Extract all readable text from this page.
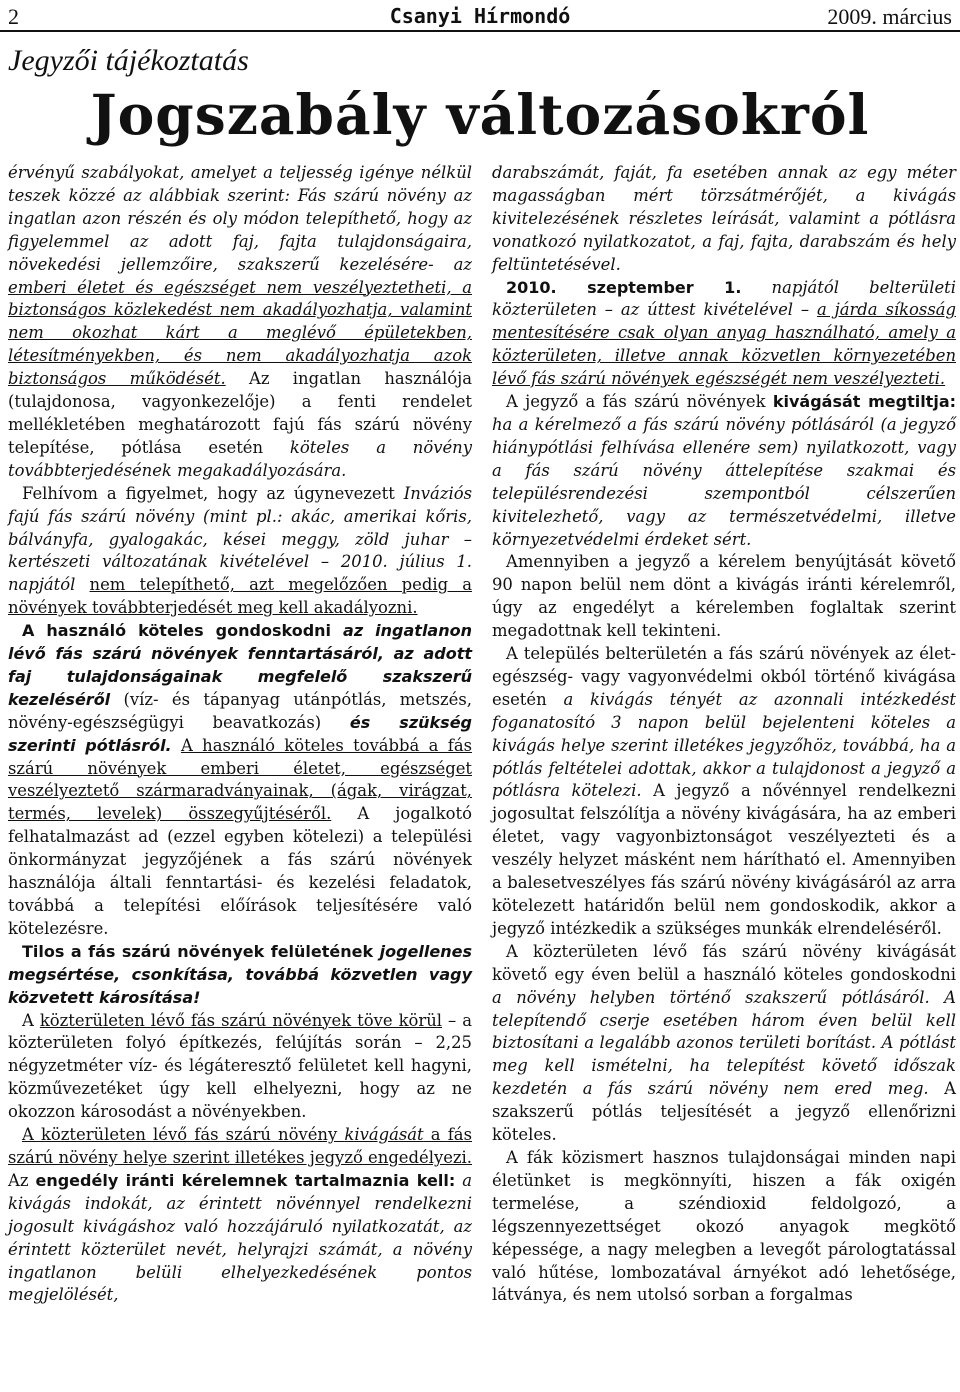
2	Csanyi Hírmondó	2009. március
Jegyzői tájékoztatás
Jogszabály változásokról

érvényű szabályokat, amelyet a teljesség igénye nélkül teszek közzé az alábbiak szerint: Fás szárú növény az ingatlan azon részén és oly módon telepíthető, hogy az figyelemmel az adott faj, fajta tulajdonságaira, növekedési jellemzőire, szakszerű kezelésére- az emberi életet és egészséget nem veszélyeztetheti, a biztonságos közlekedést nem akadályozhatja, valamint nem okozhat kárt a meglévő épületekben, létesítményekben, és nem akadályozhatja azok biztonságos működését. Az ingatlan használója (tulajdonosa, vagyonkezelője) a fenti rendelet mellékletében meghatározott fajú fás szárú növény telepítése, pótlása esetén köteles a növény továbbterjedésének megakadályozására.

Felhívom a figyelmet, hogy az úgynevezett Inváziós fajú fás szárú növény (mint pl.: akác, amerikai kőris, bálványfa, gyalogakác, kései meggy, zöld juhar – kertészeti változatának kivételével – 2010. július 1. napjától nem telepíthető, azt megelőzően pedig a növények továbbterjedését meg kell akadályozni.

A használó köteles gondoskodni az ingatlanon lévő fás szárú növények fenntartásáról, az adott faj tulajdonságainak megfelelő szakszerű kezeléséről (víz- és tápanyag utánpótlás, metszés, növény-egészségügyi beavatkozás) és szükség szerinti pótlásról. A használó köteles továbbá a fás szárú növények emberi életet, egészséget veszélyeztető szármaradványainak, (ágak, virágzat, termés, levelek) összegyűjtéséről. A jogalkotó felhatalmazást ad (ezzel egyben kötelezi) a települési önkormányzat jegyzőjének a fás szárú növények használója általi fenntartási- és kezelési feladatok, továbbá a telepítési előírások teljesítésére való kötelezésre.

Tilos a fás szárú növények felületének jogellenes megsértése, csonkítása, továbbá közvetlen vagy közvetett károsítása!

A közterületen lévő fás szárú növények töve körül – a közterületen folyó építkezés, felújítás során – 2,25 négyzetméter víz- és légáteresztő felületet kell hagyni, közművezetéket úgy kell elhelyezni, hogy az ne okozzon károsodást a növényekben.

A közterületen lévő fás szárú növény kivágását a fás szárú növény helye szerint illetékes jegyző engedélyezi. Az engedély iránti kérelemnek tartalmaznia kell: a kivágás indokát, az érintett növénnyel rendelkezni jogosult kivágáshoz való hozzájáruló nyilatkozatát, az érintett közterület nevét, helyrajzi számát, a növény ingatlanon belüli elhelyezkedésének pontos megjelölését,

darabszámát, faját, fa esetében annak az egy méter magasságban mért törzsátmérőjét, a kivágás kivitelezésének részletes leírását, valamint a pótlásra vonatkozó nyilatkozatot, a faj, fajta, darabszám és hely feltüntetésével.

2010. szeptember 1. napjától belterületi közterületen – az úttest kivételével – a járda síkosság mentesítésére csak olyan anyag használható, amely a közterületen, illetve annak közvetlen környezetében lévő fás szárú növények egészségét nem veszélyezteti.

A jegyző a fás szárú növények kivágását megtiltja: ha a kérelmező a fás szárú növény pótlásáról (a jegyző hiánypótlási felhívása ellenére sem) nyilatkozott, vagy a fás szárú növény áttelepítése szakmai és településrendezési szempontból célszerűen kivitelezhető, vagy az természetvédelmi, illetve környezetvédelmi érdeket sért.

Amennyiben a jegyző a kérelem benyújtását követő 90 napon belül nem dönt a kivágás iránti kérelemről, úgy az engedélyt a kérelemben foglaltak szerint megadottnak kell tekinteni.

A település belterületén a fás szárú növények az élet- egészség- vagy vagyonvédelmi okból történő kivágása esetén a kivágás tényét az azonnali intézkedést foganatosító 3 napon belül bejelenteni köteles a kivágás helye szerint illetékes jegyzőhöz, továbbá, ha a pótlás feltételei adottak, akkor a tulajdonost a jegyző a pótlásra kötelezi. A jegyző a nővénnyel rendelkezni jogosultat felszólítja a növény kivágására, ha az emberi életet, vagy vagyonbiztonságot veszélyezteti és a veszély helyzet másként nem hárítható el. Amennyiben a balesetveszélyes fás szárú növény kivágásáról az arra kötelezett határidőn belül nem gondoskodik, akkor a jegyző intézkedik a szükséges munkák elrendeléséről.

A közterületen lévő fás szárú növény kivágását követő egy éven belül a használó köteles gondoskodni a növény helyben történő szakszerű pótlásáról. A telepítendő cserje esetében három éven belül kell biztosítani a legalább azonos területi borítást. A pótlást meg kell ismételni, ha telepítést követő időszak kezdetén a fás szárú növény nem ered meg. A szakszerű pótlás teljesítését a jegyző ellenőrizni köteles.

A fák közismert hasznos tulajdonságai minden napi életünket is megkönnyíti, hiszen a fák oxigén termelése, a széndioxid feldolgozó, a légszennyezettséget okozó anyagok megkötő képessége, a nagy melegben a levegőt párologtatással való hűtése, lombozatával árnyékot adó lehetősége, látványa, és nem utolsó sorban a forgalmas
